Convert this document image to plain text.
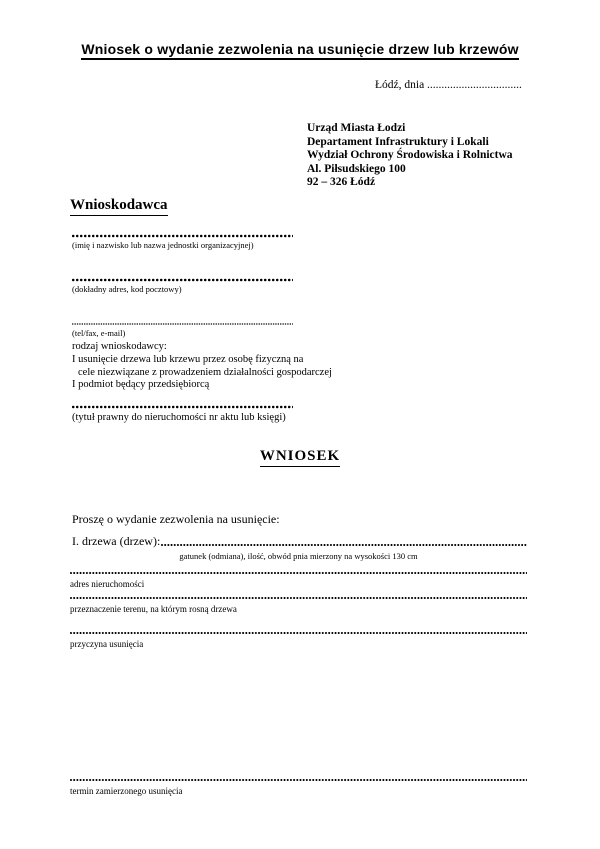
Wniosek o wydanie zezwolenia na usunięcie drzew lub krzewów
Łódź, dnia .................................
Urząd Miasta Łodzi
Departament Infrastruktury i Lokali
Wydział Ochrony Środowiska i Rolnictwa
Al. Piłsudskiego 100
92 – 326 Łódź
Wnioskodawca
(imię i nazwisko lub nazwa jednostki organizacyjnej)
(dokładny adres, kod pocztowy)
(tel/fax, e-mail)
rodzaj wnioskodawcy:
I usunięcie drzewa lub krzewu przez osobę fizyczną na
cele niezwiązane z prowadzeniem działalności gospodarczej
I podmiot będący przedsiębiorcą
(tytuł prawny do nieruchomości nr aktu lub księgi)
WNIOSEK
Proszę o wydanie zezwolenia na usunięcie:
I. drzewa (drzew):
gatunek (odmiana), ilość, obwód pnia mierzony na wysokości 130 cm
adres nieruchomości
przeznaczenie terenu, na którym rosną drzewa
przyczyna usunięcia
termin zamierzonego usunięcia
